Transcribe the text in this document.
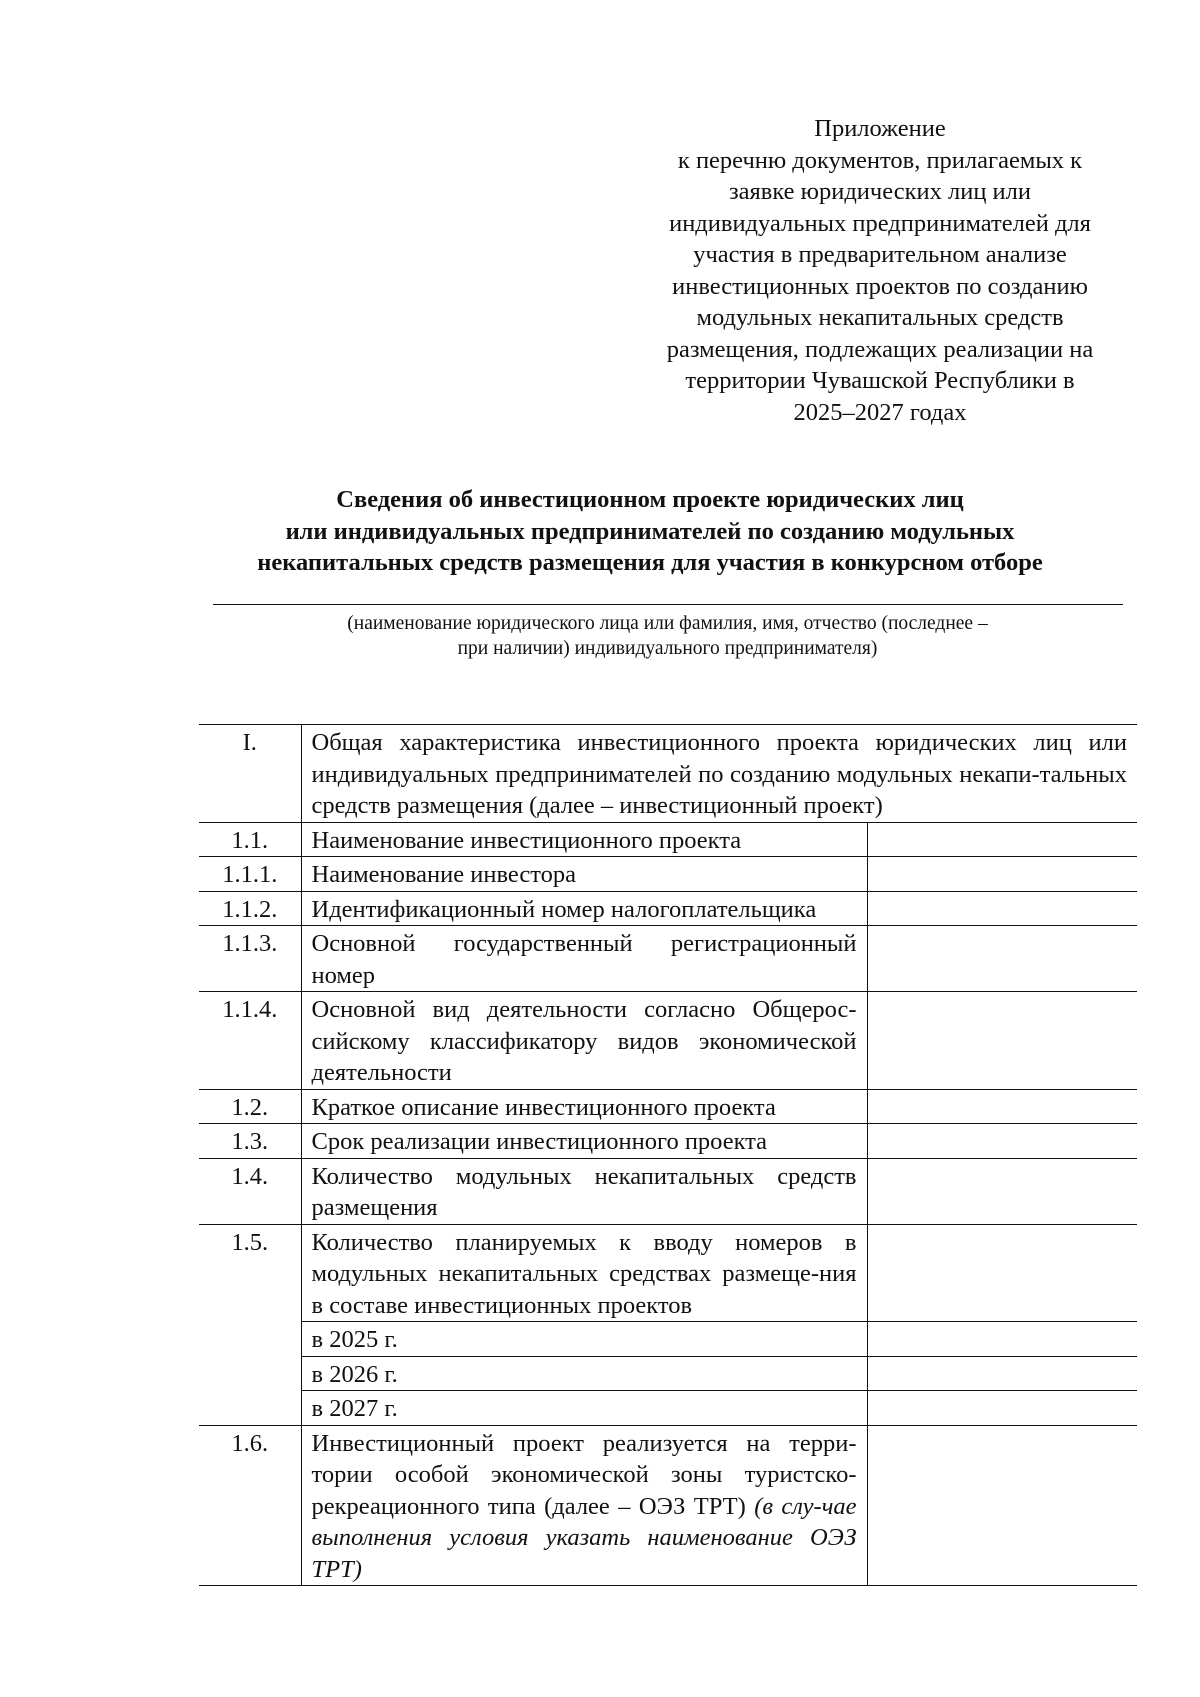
Приложение
к перечню документов, прилагаемых к
заявке юридических лиц или
индивидуальных предпринимателей для
участия в предварительном анализе
инвестиционных проектов по созданию
модульных некапитальных средств
размещения, подлежащих реализации на
территории Чувашской Республики в
2025–2027 годах
Сведения об инвестиционном проекте юридических лиц
или индивидуальных предпринимателей по созданию модульных
некапитальных средств размещения для участия в конкурсном отборе
(наименование юридического лица или фамилия, имя, отчество (последнее –
при наличии) индивидуального предпринимателя)
I.	Общая характеристика инвестиционного проекта юридических лиц или индивидуальных предпринимателей по созданию модульных некапи-тальных средств размещения (далее – инвестиционный проект)	
1.1.	Наименование инвестиционного проекта	
1.1.1.	Наименование инвестора	
1.1.2.	Идентификационный номер налогоплательщика	
1.1.3.	Основной государственный регистрационный номер	
1.1.4.	Основной вид деятельности согласно Общерос-сийскому классификатору видов экономической деятельности	
1.2.	Краткое описание инвестиционного проекта	
1.3.	Срок реализации инвестиционного проекта	
1.4.	Количество модульных некапитальных средств размещения	
1.5.	Количество планируемых к вводу номеров в модульных некапитальных средствах размеще-ния в составе инвестиционных проектов	
	в 2025 г.	
	в 2026 г.	
	в 2027 г.	
1.6.	Инвестиционный проект реализуется на терри-тории особой экономической зоны туристско-рекреационного типа (далее – ОЭЗ ТРТ) (в слу-чае выполнения условия указать наименование ОЭЗ ТРТ)	
